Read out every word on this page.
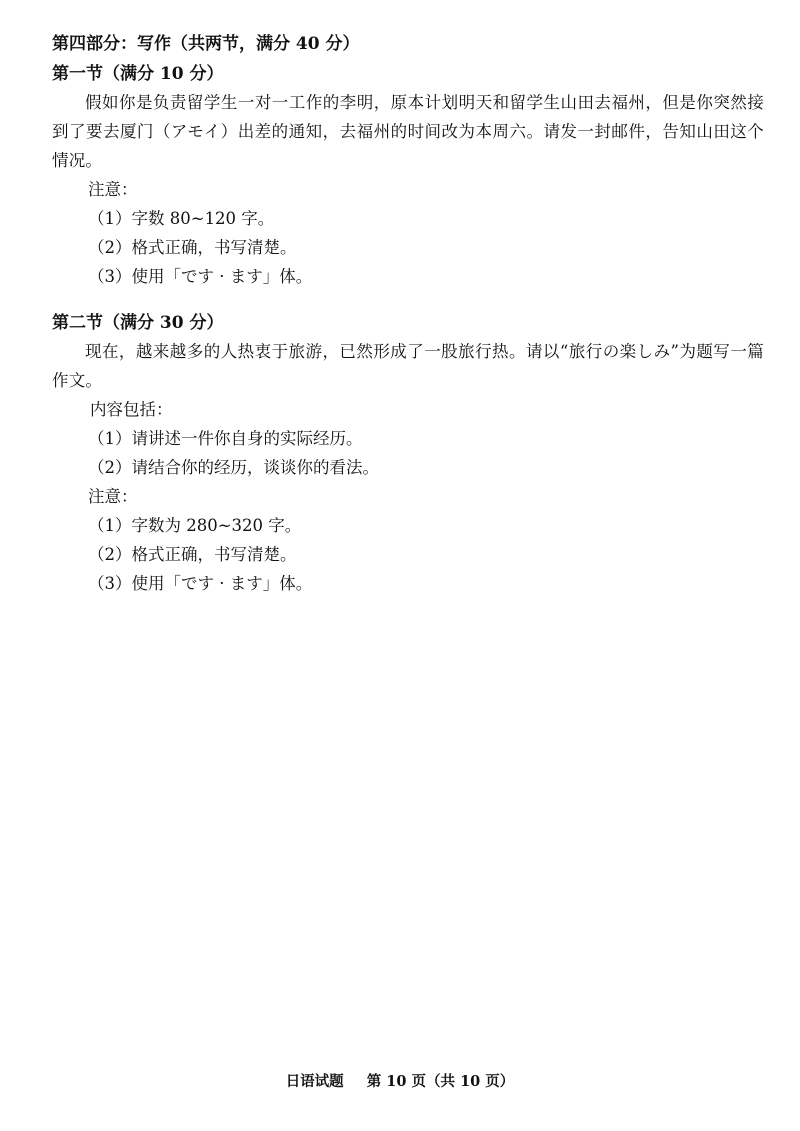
第四部分：写作（共两节，满分 40 分）

第一节（满分 10 分）

假如你是负责留学生一对一工作的李明，原本计划明天和留学生山田去福州，但是你突然接到了要去厦门（アモイ）出差的通知，去福州的时间改为本周六。请发一封邮件，告知山田这个情况。

注意：

（1）字数 80~120 字。
（2）格式正确，书写清楚。
（3）使用「です · ます」体。

第二节（满分 30 分）

现在，越来越多的人热衷于旅游，已然形成了一股旅行热。请以“旅行の楽しみ”为题写一篇作文。

内容包括：

（1）请讲述一件你自身的实际经历。
（2）请结合你的经历，谈谈你的看法。

注意：

（1）字数为 280~320 字。
（2）格式正确，书写清楚。
（3）使用「です · ます」体。
日语试题 第 10 页（共 10 页）
